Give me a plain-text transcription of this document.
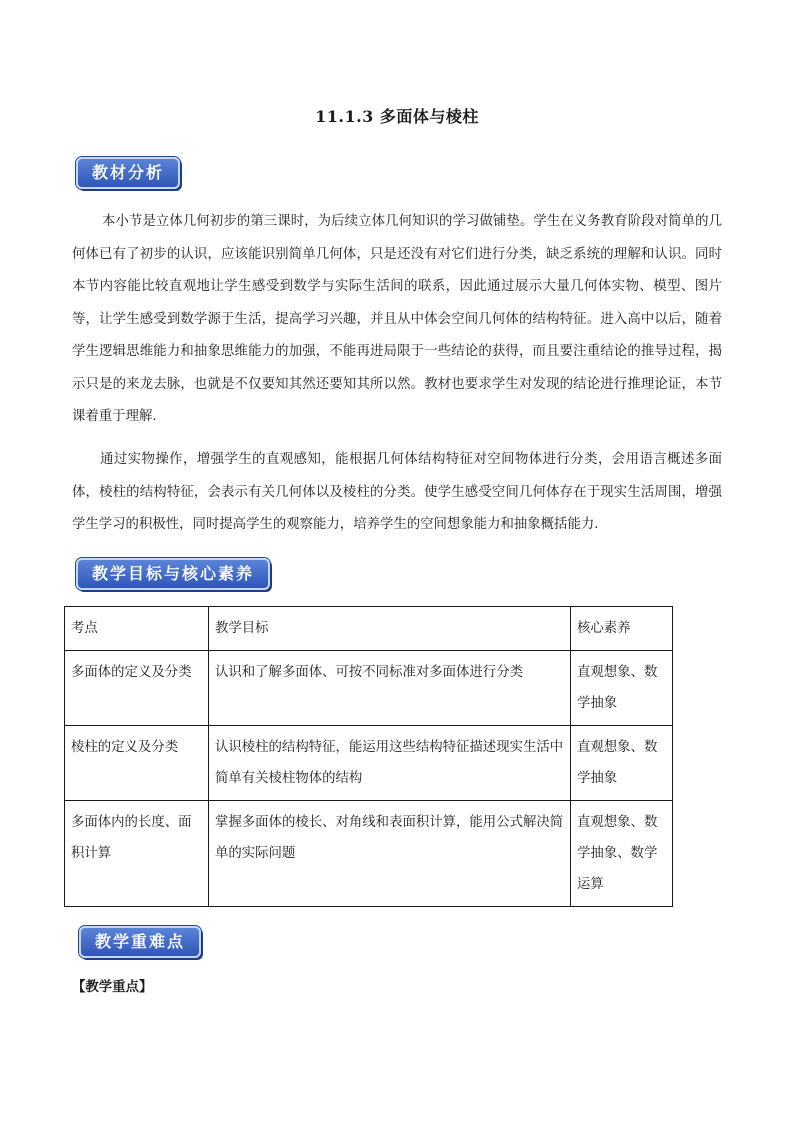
11.1.3 多面体与棱柱
教材分析

本小节是立体几何初步的第三课时，为后续立体几何知识的学习做铺垫。学生在义务教育阶段对简单的几何体已有了初步的认识，应该能识别简单几何体，只是还没有对它们进行分类，缺乏系统的理解和认识。同时本节内容能比较直观地让学生感受到数学与实际生活间的联系，因此通过展示大量几何体实物、模型、图片等，让学生感受到数学源于生活，提高学习兴趣，并且从中体会空间几何体的结构特征。进入高中以后，随着学生逻辑思维能力和抽象思维能力的加强，不能再进局限于一些结论的获得，而且要注重结论的推导过程，揭示只是的来龙去脉，也就是不仅要知其然还要知其所以然。教材也要求学生对发现的结论进行推理论证，本节课着重于理解.

通过实物操作，增强学生的直观感知，能根据几何体结构特征对空间物体进行分类，会用语言概述多面体，棱柱的结构特征，会表示有关几何体以及棱柱的分类。使学生感受空间几何体存在于现实生活周围，增强学生学习的积极性，同时提高学生的观察能力，培养学生的空间想象能力和抽象概括能力.

教学目标与核心素养
考点	教学目标	核心素养
多面体的定义及分类	认识和了解多面体、可按不同标准对多面体进行分类	直观想象、数学抽象
棱柱的定义及分类	认识棱柱的结构特征，能运用这些结构特征描述现实生活中简单有关棱柱物体的结构	直观想象、数学抽象
多面体内的长度、面积计算	掌握多面体的棱长、对角线和表面积计算，能用公式解决简单的实际问题	直观想象、数学抽象、数学运算
教学重难点
【教学重点】
